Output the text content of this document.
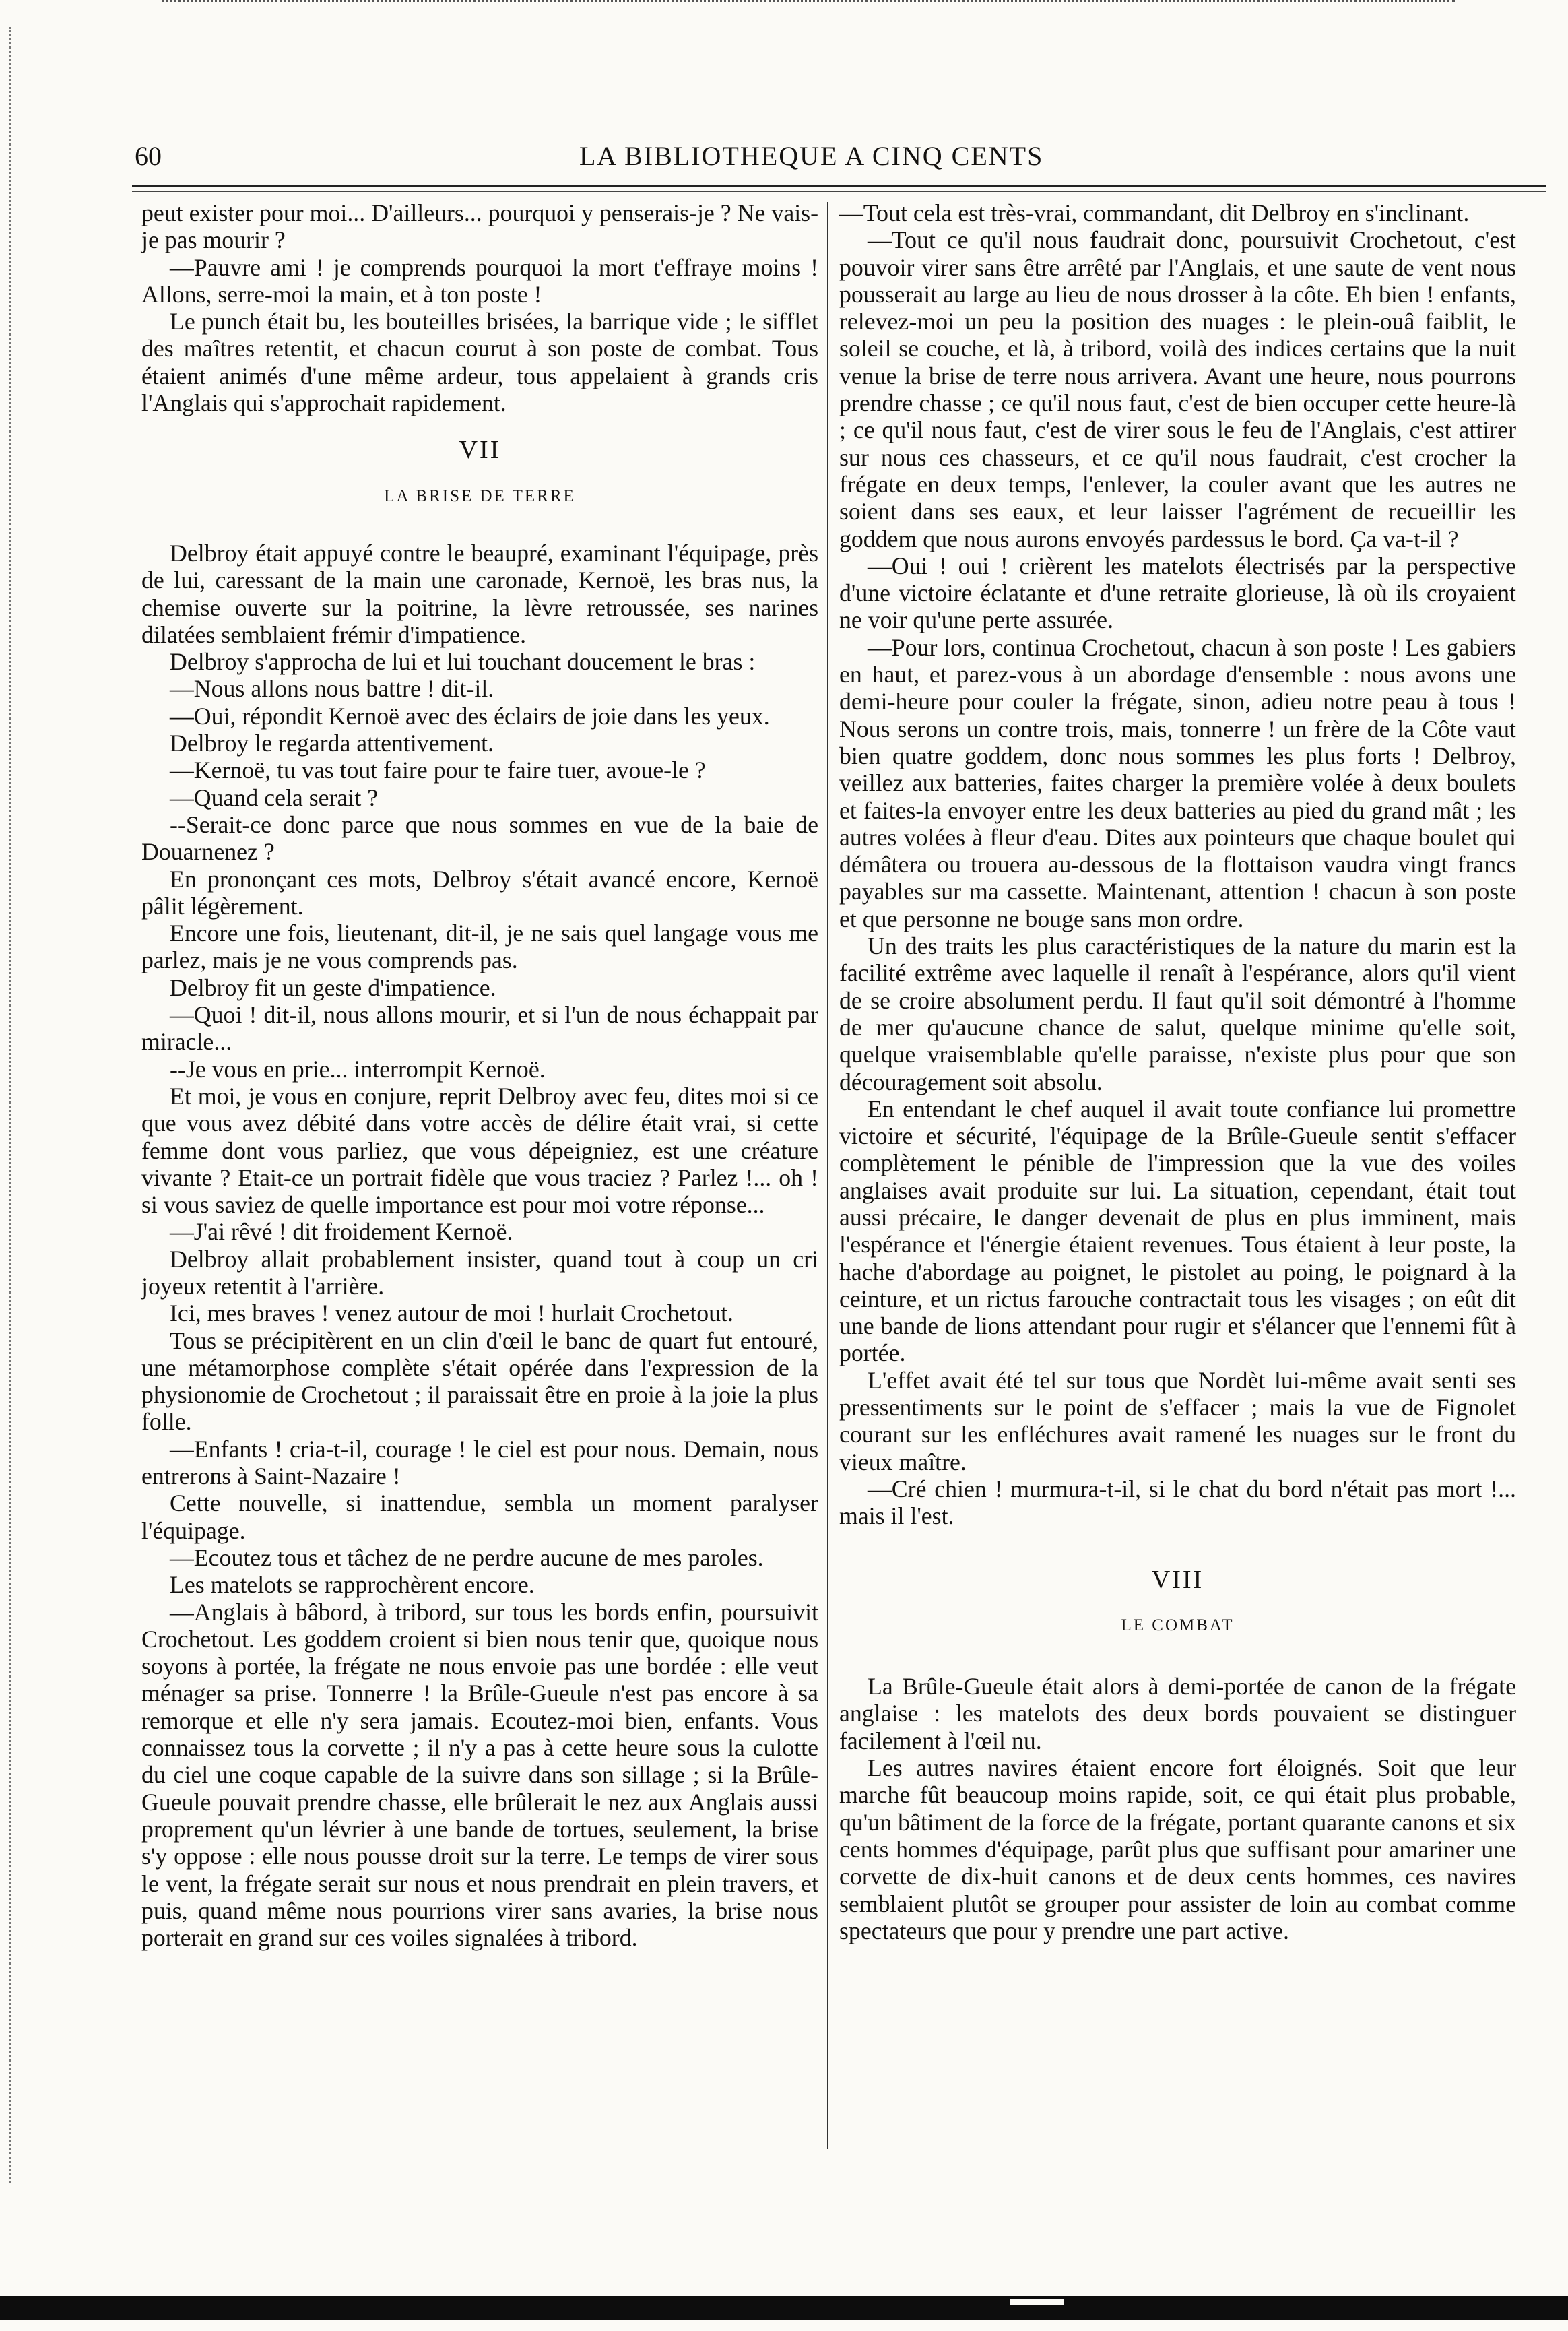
60	LA BIBLIOTHEQUE A CINQ CENTS

peut exister pour moi... D'ailleurs... pourquoi y penserais-je ? Ne vais-je pas mourir ?

—Pauvre ami ! je comprends pourquoi la mort t'effraye moins ! Allons, serre-moi la main, et à ton poste !

Le punch était bu, les bouteilles brisées, la barrique vide ; le sifflet des maîtres retentit, et chacun courut à son poste de combat. Tous étaient animés d'une même ardeur, tous appelaient à grands cris l'Anglais qui s'approchait rapidement.

VII
LA BRISE DE TERRE

Delbroy était appuyé contre le beaupré, examinant l'équipage, près de lui, caressant de la main une caronade, Kernoë, les bras nus, la chemise ouverte sur la poitrine, la lèvre retroussée, ses narines dilatées semblaient frémir d'impatience.

Delbroy s'approcha de lui et lui touchant doucement le bras :

—Nous allons nous battre ! dit-il.

—Oui, répondit Kernoë avec des éclairs de joie dans les yeux.

Delbroy le regarda attentivement.

—Kernoë, tu vas tout faire pour te faire tuer, avoue-le ?

—Quand cela serait ?

--Serait-ce donc parce que nous sommes en vue de la baie de Douarnenez ?

En prononçant ces mots, Delbroy s'était avancé encore, Kernoë pâlit légèrement.

Encore une fois, lieutenant, dit-il, je ne sais quel langage vous me parlez, mais je ne vous comprends pas.

Delbroy fit un geste d'impatience.

—Quoi ! dit-il, nous allons mourir, et si l'un de nous échappait par miracle...

--Je vous en prie... interrompit Kernoë.

Et moi, je vous en conjure, reprit Delbroy avec feu, dites moi si ce que vous avez débité dans votre accès de délire était vrai, si cette femme dont vous parliez, que vous dépeigniez, est une créature vivante ? Etait-ce un portrait fidèle que vous traciez ? Parlez !... oh ! si vous saviez de quelle importance est pour moi votre réponse...

—J'ai rêvé ! dit froidement Kernoë.

Delbroy allait probablement insister, quand tout à coup un cri joyeux retentit à l'arrière.

Ici, mes braves ! venez autour de moi ! hurlait Crochetout.

Tous se précipitèrent en un clin d'œil le banc de quart fut entouré, une métamorphose complète s'était opérée dans l'expression de la physionomie de Crochetout ; il paraissait être en proie à la joie la plus folle.

—Enfants ! cria-t-il, courage ! le ciel est pour nous. Demain, nous entrerons à Saint-Nazaire !

Cette nouvelle, si inattendue, sembla un moment paralyser l'équipage.

—Ecoutez tous et tâchez de ne perdre aucune de mes paroles.

Les matelots se rapprochèrent encore.

—Anglais à bâbord, à tribord, sur tous les bords enfin, poursuivit Crochetout. Les goddem croient si bien nous tenir que, quoique nous soyons à portée, la frégate ne nous envoie pas une bordée : elle veut ménager sa prise. Tonnerre ! la Brûle-Gueule n'est pas encore à sa remorque et elle n'y sera jamais. Ecoutez-moi bien, enfants. Vous connaissez tous la corvette ; il n'y a pas à cette heure sous la culotte du ciel une coque capable de la suivre dans son sillage ; si la Brûle-Gueule pouvait prendre chasse, elle brûlerait le nez aux Anglais aussi proprement qu'un lévrier à une bande de tortues, seulement, la brise s'y oppose : elle nous pousse droit sur la terre. Le temps de virer sous le vent, la frégate serait sur nous et nous prendrait en plein travers, et puis, quand même nous pourrions virer sans avaries, la brise nous porterait en grand sur ces voiles signalées à tribord.

—Tout cela est très-vrai, commandant, dit Delbroy en s'inclinant.

—Tout ce qu'il nous faudrait donc, poursuivit Crochetout, c'est pouvoir virer sans être arrêté par l'Anglais, et une saute de vent nous pousserait au large au lieu de nous drosser à la côte. Eh bien ! enfants, relevez-moi un peu la position des nuages : le plein-ouâ faiblit, le soleil se couche, et là, à tribord, voilà des indices certains que la nuit venue la brise de terre nous arrivera. Avant une heure, nous pourrons prendre chasse ; ce qu'il nous faut, c'est de bien occuper cette heure-là ; ce qu'il nous faut, c'est de virer sous le feu de l'Anglais, c'est attirer sur nous ces chasseurs, et ce qu'il nous faudrait, c'est crocher la frégate en deux temps, l'enlever, la couler avant que les autres ne soient dans ses eaux, et leur laisser l'agrément de recueillir les goddem que nous aurons envoyés pardessus le bord. Ça va-t-il ?

—Oui ! oui ! crièrent les matelots électrisés par la perspective d'une victoire éclatante et d'une retraite glorieuse, là où ils croyaient ne voir qu'une perte assurée.

—Pour lors, continua Crochetout, chacun à son poste ! Les gabiers en haut, et parez-vous à un abordage d'ensemble : nous avons une demi-heure pour couler la frégate, sinon, adieu notre peau à tous ! Nous serons un contre trois, mais, tonnerre ! un frère de la Côte vaut bien quatre goddem, donc nous sommes les plus forts ! Delbroy, veillez aux batteries, faites charger la première volée à deux boulets et faites-la envoyer entre les deux batteries au pied du grand mât ; les autres volées à fleur d'eau. Dites aux pointeurs que chaque boulet qui démâtera ou trouera au-dessous de la flottaison vaudra vingt francs payables sur ma cassette. Maintenant, attention ! chacun à son poste et que personne ne bouge sans mon ordre.

Un des traits les plus caractéristiques de la nature du marin est la facilité extrême avec laquelle il renaît à l'espérance, alors qu'il vient de se croire absolument perdu. Il faut qu'il soit démontré à l'homme de mer qu'aucune chance de salut, quelque minime qu'elle soit, quelque vraisemblable qu'elle paraisse, n'existe plus pour que son découragement soit absolu.

En entendant le chef auquel il avait toute confiance lui promettre victoire et sécurité, l'équipage de la Brûle-Gueule sentit s'effacer complètement le pénible de l'impression que la vue des voiles anglaises avait produite sur lui. La situation, cependant, était tout aussi précaire, le danger devenait de plus en plus imminent, mais l'espérance et l'énergie étaient revenues. Tous étaient à leur poste, la hache d'abordage au poignet, le pistolet au poing, le poignard à la ceinture, et un rictus farouche contractait tous les visages ; on eût dit une bande de lions attendant pour rugir et s'élancer que l'ennemi fût à portée.

L'effet avait été tel sur tous que Nordèt lui-même avait senti ses pressentiments sur le point de s'effacer ; mais la vue de Fignolet courant sur les enfléchures avait ramené les nuages sur le front du vieux maître.

—Cré chien ! murmura-t-il, si le chat du bord n'était pas mort !... mais il l'est.

VIII
LE COMBAT

La Brûle-Gueule était alors à demi-portée de canon de la frégate anglaise : les matelots des deux bords pouvaient se distinguer facilement à l'œil nu.

Les autres navires étaient encore fort éloignés. Soit que leur marche fût beaucoup moins rapide, soit, ce qui était plus probable, qu'un bâtiment de la force de la frégate, portant quarante canons et six cents hommes d'équipage, parût plus que suffisant pour amariner une corvette de dix-huit canons et de deux cents hommes, ces navires semblaient plutôt se grouper pour assister de loin au combat comme spectateurs que pour y prendre une part active.
